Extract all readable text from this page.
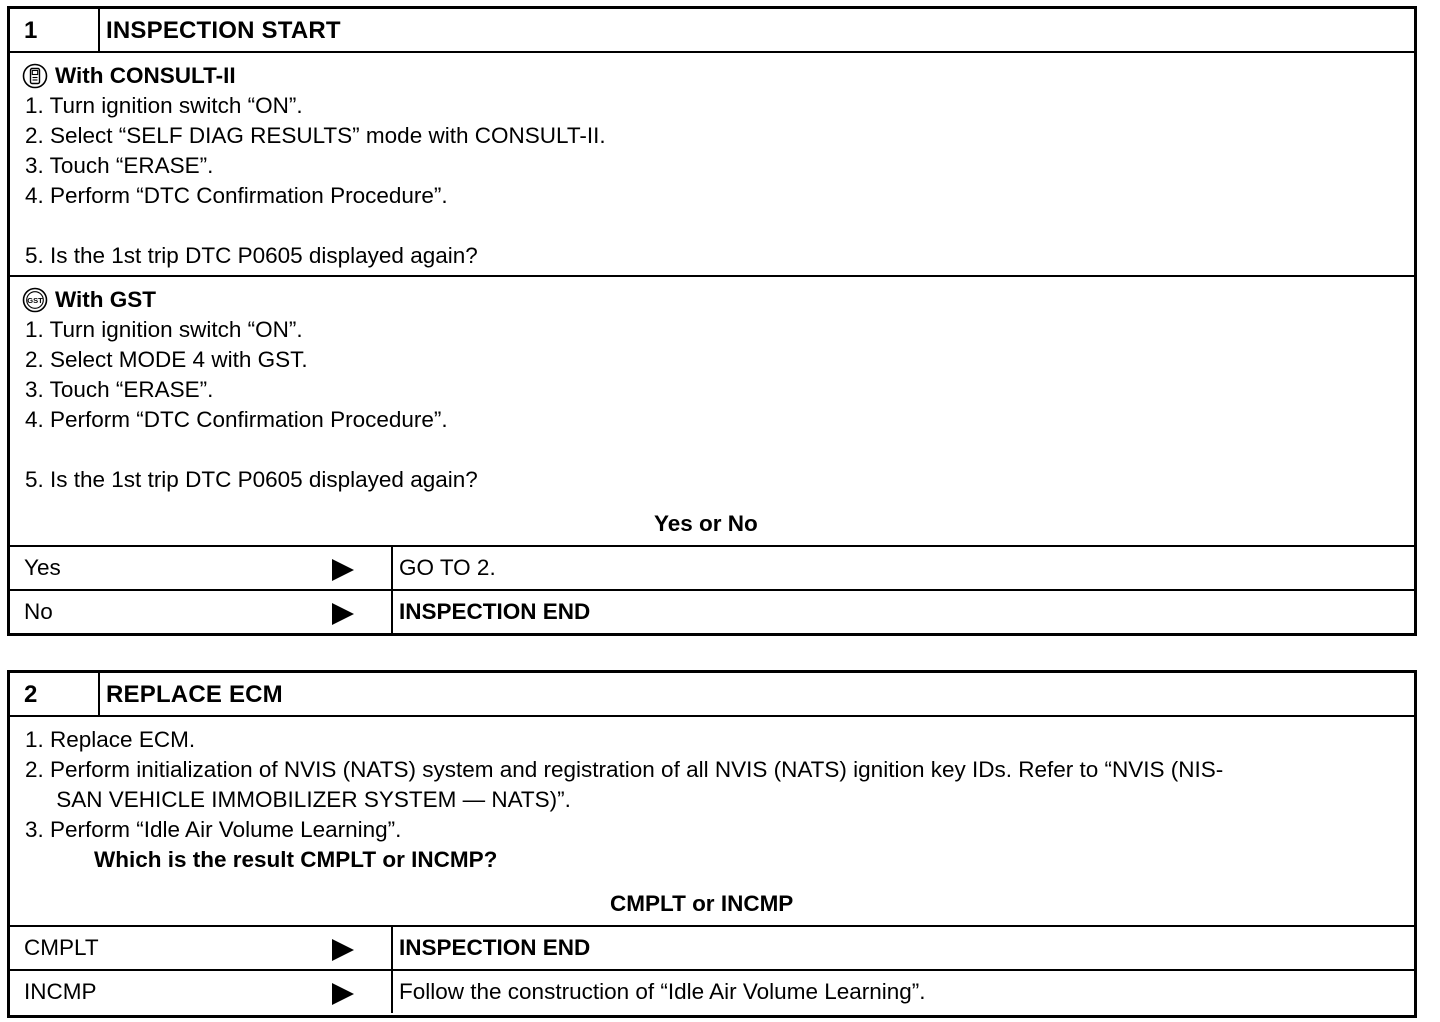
1	INSPECTION START
With CONSULT-II
1. Turn ignition switch “ON”.
2. Select “SELF DIAG RESULTS” mode with CONSULT-II.
3. Touch “ERASE”.
4. Perform “DTC Confirmation Procedure”.
5. Is the 1st trip DTC P0605 displayed again?
GST With GST
1. Turn ignition switch “ON”.
2. Select MODE 4 with GST.
3. Touch “ERASE”.
4. Perform “DTC Confirmation Procedure”.
5. Is the 1st trip DTC P0605 displayed again?
Yes or No
Yes	GO TO 2.
No	INSPECTION END
2	REPLACE ECM
1. Replace ECM.
2. Perform initialization of NVIS (NATS) system and registration of all NVIS (NATS) ignition key IDs. Refer to “NVIS (NIS-
SAN VEHICLE IMMOBILIZER SYSTEM — NATS)”.
3. Perform “Idle Air Volume Learning”.
Which is the result CMPLT or INCMP?
CMPLT or INCMP
CMPLT	INSPECTION END
INCMP	Follow the construction of “Idle Air Volume Learning”.
